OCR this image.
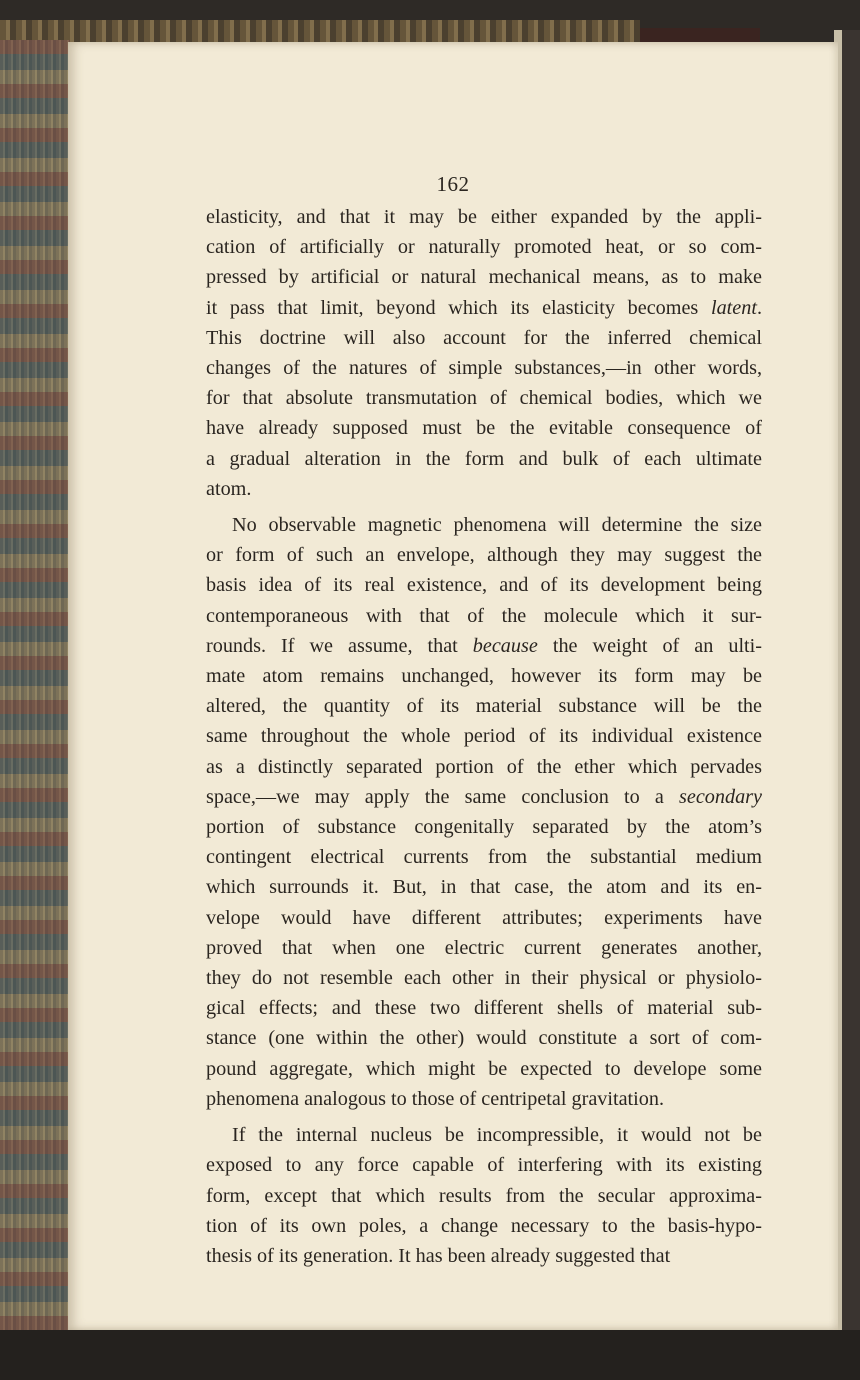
162
elasticity, and that it may be either expanded by the appli-
cation of artificially or naturally promoted heat, or so com-
pressed by artificial or natural mechanical means, as to make
it pass that limit, beyond which its elasticity becomes latent.
This doctrine will also account for the inferred chemical
changes of the natures of simple substances,—in other words,
for that absolute transmutation of chemical bodies, which we
have already supposed must be the evitable consequence of
a gradual alteration in the form and bulk of each ultimate
atom.
No observable magnetic phenomena will determine the size
or form of such an envelope, although they may suggest the
basis idea of its real existence, and of its development being
contemporaneous with that of the molecule which it sur-
rounds. If we assume, that because the weight of an ulti-
mate atom remains unchanged, however its form may be
altered, the quantity of its material substance will be the
same throughout the whole period of its individual existence
as a distinctly separated portion of the ether which pervades
space,—we may apply the same conclusion to a secondary
portion of substance congenitally separated by the atom’s
contingent electrical currents from the substantial medium
which surrounds it. But, in that case, the atom and its en-
velope would have different attributes; experiments have
proved that when one electric current generates another,
they do not resemble each other in their physical or physiolo-
gical effects; and these two different shells of material sub-
stance (one within the other) would constitute a sort of com-
pound aggregate, which might be expected to develope some
phenomena analogous to those of centripetal gravitation.
If the internal nucleus be incompressible, it would not be
exposed to any force capable of interfering with its existing
form, except that which results from the secular approxima-
tion of its own poles, a change necessary to the basis-hypo-
thesis of its generation. It has been already suggested that
